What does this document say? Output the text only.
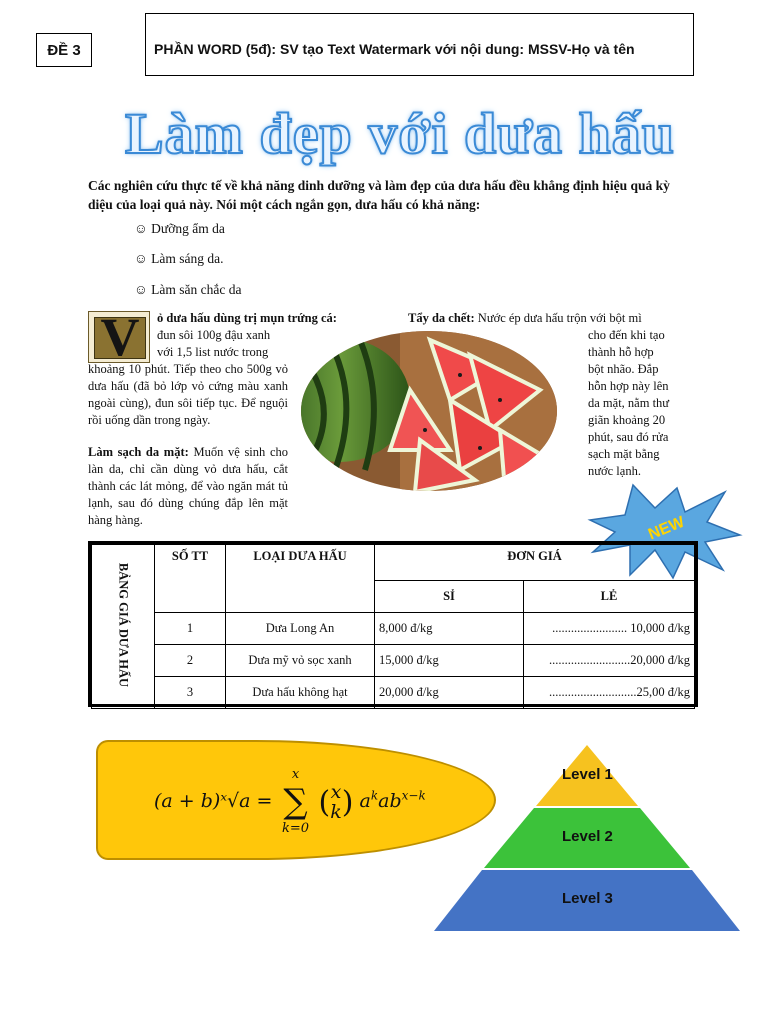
ĐỀ 3	PHẦN WORD (5đ): SV tạo Text Watermark với nội dung: MSSV-Họ và tên
Làm đẹp với dưa hấu
Các nghiên cứu thực tế về khả năng dinh dưỡng và làm đẹp của dưa hấu đều khẳng định hiệu quả kỳ diệu của loại quả này. Nói một cách ngắn gọn, dưa hấu có khả năng:
☺ Dưỡng ẩm da
☺ Làm sáng da.
☺ Làm săn chắc da
V	ỏ dưa hấu dùng trị mụn trứng cá:
đun sôi 100g đậu xanh
với 1,5 list nước trong
khoảng 10 phút. Tiếp theo cho 500g vỏ dưa hấu (đã bỏ lớp vỏ cứng màu xanh ngoài cùng), đun sôi tiếp tục. Để nguội rồi uống dần trong ngày.
Làm sạch da mặt: Muốn vệ sinh cho làn da, chỉ cần dùng vỏ dưa hấu, cắt thành các lát mỏng, để vào ngăn mát tủ lạnh, sau đó dùng chúng đắp lên mặt hàng hàng.
Tẩy da chết: Nước ép dưa hấu trộn với bột mì
cho đến khi tạo
thành hỗ hợp
bột nhão. Đắp
hỗn hợp này lên
da mặt, nằm thư
giãn khoảng 20
phút, sau đó rửa
sạch mặt bằng
nước lạnh.
NEW
BẢNG GIÁ DƯA HẤU	SỐ TT	LOẠI DƯA HẤU	ĐƠN GIÁ	
			SỈ	LẺ
	1	Dưa Long An	8,000 đ/kg	........................ 10,000 đ/kg
	2	Dưa mỹ vỏ sọc xanh	15,000 đ/kg	..........................20,000 đ/kg
	3	Dưa hấu không hạt	20,000 đ/kg	............................25,00 đ/kg
(a + b)ˣ√a =
x
∑
k=0
( x
k ) $a^kab^{x-k}$
Level 1
Level 2
Level 3
